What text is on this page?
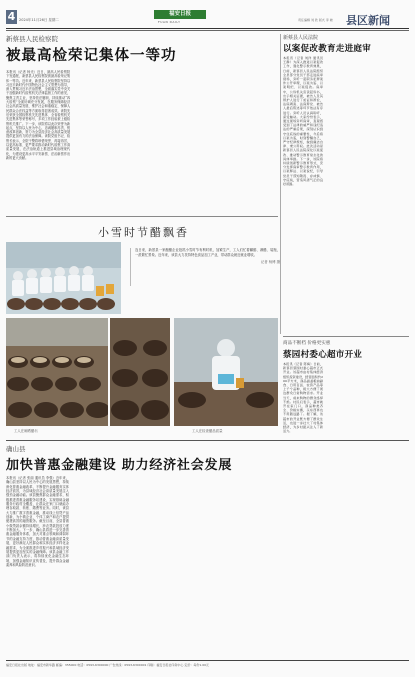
4	2024年11月26日 星期二
福安日报
FUAN DAILY	责任编辑 刘 欣 版式 李 晓 县区新闻
新蔡县人民检察院
被最高检荣记集体一等功
本报讯（记者 杨光）近日，最高人民检察院下发通报，新蔡县人民检察院被最高检荣记集体一等功。近年来，新蔡县人民检察院坚持以习近平新时代中国特色社会主义思想为指导，深入贯彻习近平法治思想，全面落实党中央关于加强新时代检察机关法律监督工作的意见，聚焦主责主业，坚持依法履职，持续推动“四大检察”全面协调充分发展，在服务保障经济社会高质量发展、维护社会和谐稳定、保障人民群众合法权益等方面取得显著成效。该院先后荣获全国检察机关先进集体、全省检察机关先进集体等荣誉称号，多项工作经验被上级检察机关推广。下一步，该院将以此次荣誉为新起点，坚持以人民为中心，忠诚履职尽责，锐意改革创新，努力为全县经济社会高质量发展提供更加有力的法治保障。该院党组书记、检察长表示，全院干警将珍惜荣誉、再接再厉，以更高标准、更严要求推动新时代检察工作高质量发展，在法治轨道上推进县域治理现代化，为建设更高水平平安新蔡、法治新蔡作出新的更大贡献。
新蔡县人民法院
以案促改教育走进庭审
本报讯（记者 刘洋 通讯员 王静）为深入推进以案促改工作，强化警示教育效果，日前，新蔡县人民法院组织全县部分党员干部走进庭审现场，旁听一起职务犯罪案件公开审理，以案为鉴、以案明纪、以案促改。庭审中，公诉机关宣读起诉书，出示相关证据，被告人及其辩护人进行了质证和辩论，法庭调查、法庭辩论、被告人最后陈述等环节依法有序进行。旁听人员认真聆听，深受触动。大家纷纷表示，通过现场旁听庭审，直观感受到了法律的威严和违纪违法的严重后果，深刻认识到守住底线的重要性，今后将以案为鉴，时刻警醒自己，严守纪律规矩，做到廉洁自律、秉公用权。此次活动是新蔡县人民法院深化以案促改、推动警示教育常态化的具体举措。下一步，该院将持续创新警示教育形式，充分发挥庭审警示教育作用，以案释法、以案说纪，引导党员干部知敬畏、存戒惧、守底线，营造风清气正的良好氛围。
小雪时节醋飘香
连日来，新蔡县一家酿醋企业抢抓小雪时节有利时机，加紧生产，工人们忙着翻醅、淋醋、装瓶，一派繁忙景象。近年来，该县大力扶持特色食品加工产业，带动群众就近就业增收。
记者 杨博 摄
工人在晾晒醋坛	工人在检查醋品质量
商品不断档 价格更实惠
蔡园村委心超市开业
本报讯（记者 陈梅）日前，新蔡县蔡园村委心超市正式开业。该超市由村集体经济组织投资建设，经营面积约200平方米，商品涵盖粮油副食、日用百货、农资产品等上千个品种，极大方便了周边群众日常购物需求。开业当天，前来购物的群众络绎不绝。村民们表示，超市就开在家门口，商品种类齐全、价格实惠，买东西再也不用跑远路了。据了解，该超市的开业既方便了群众生活，也进一步壮大了村集体经济，为乡村振兴注入了新活力。
确山县
加快普惠金融建设 助力经济社会发展
本报讯（记者 张丽 通讯员 李强）近年来，确山县坚持以人民为中心的发展思想，持续深化普惠金融改革，不断提升金融服务实体经济质效，为县域经济社会高质量发展注入强劲金融动能。该县聚焦群众金融需求，积极推进普惠金融服务站建设，实现基础金融服务行政村全覆盖，让群众在家门口就能办理存取款、转账、缴费等业务。同时，该县大力推广数字普惠金融，推动线上信贷产品创新，为小微企业、个体工商户和农户提供便捷高效的融资服务。截至目前，全县普惠小微贷款余额持续增长，涉农贷款投放力度不断加大。下一步，确山县将进一步完善普惠金融服务体系，加大对重点领域和薄弱环节的金融支持力度，推动普惠金融高质量发展，更好满足人民群众和实体经济多样化金融需求，为全面推进乡村振兴和县域经济发展提供更加坚实的金融保障。该县金融工作部门负责人表示，将持续优化金融生态环境，加强金融知识宣传普及，提升群众金融素养和风险防范意识。
福安日报社出版 地址：福安市新华路 邮编：355000 电话：0593-6300000 广告热线：0593-6300001 印刷：福安日报社印务中心 定价：每份1.00元
